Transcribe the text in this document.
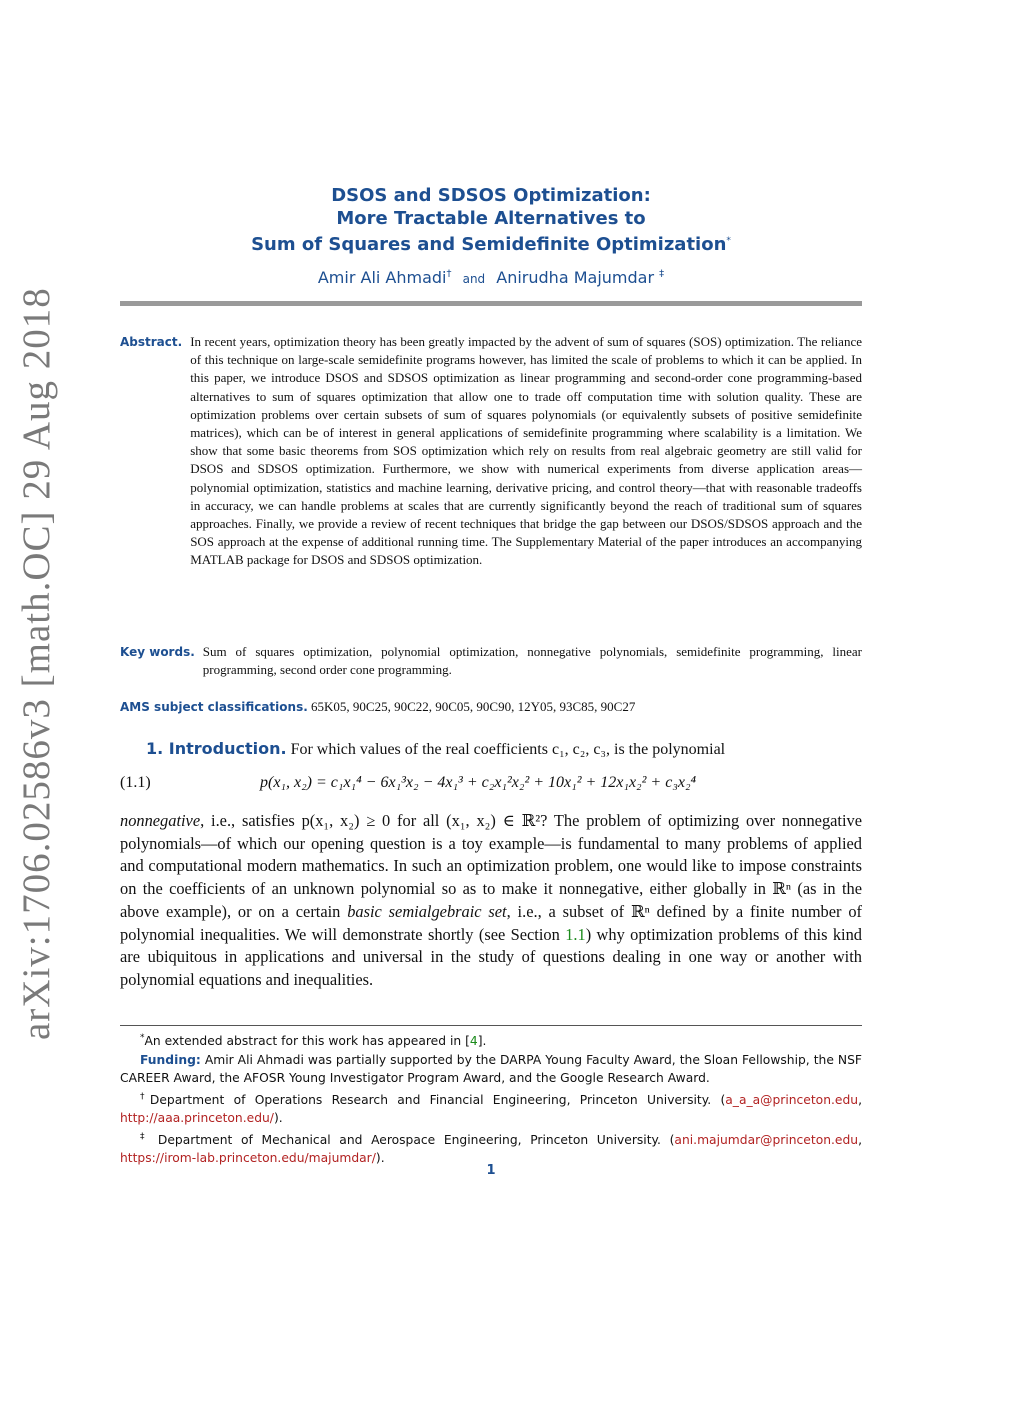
arXiv:1706.02586v3 [math.OC] 29 Aug 2018
DSOS and SDSOS Optimization:
More Tractable Alternatives to
Sum of Squares and Semidefinite Optimization*
Amir Ali Ahmadi† and Anirudha Majumdar ‡
Abstract. In recent years, optimization theory has been greatly impacted by the advent of sum of squares (SOS) optimization. The reliance of this technique on large-scale semidefinite programs however, has limited the scale of problems to which it can be applied. In this paper, we introduce DSOS and SDSOS optimization as linear programming and second-order cone programming-based alternatives to sum of squares optimization that allow one to trade off computation time with solution quality. These are optimization problems over certain subsets of sum of squares polynomials (or equivalently subsets of positive semidefinite matrices), which can be of interest in general applications of semidefinite programming where scalability is a limitation. We show that some basic theorems from SOS optimization which rely on results from real algebraic geometry are still valid for DSOS and SDSOS optimization. Furthermore, we show with numerical experiments from diverse application areas—polynomial optimization, statistics and machine learning, derivative pricing, and control theory—that with reasonable tradeoffs in accuracy, we can handle problems at scales that are currently significantly beyond the reach of traditional sum of squares approaches. Finally, we provide a review of recent techniques that bridge the gap between our DSOS/SDSOS approach and the SOS approach at the expense of additional running time. The Supplementary Material of the paper introduces an accompanying MATLAB package for DSOS and SDSOS optimization.
Key words. Sum of squares optimization, polynomial optimization, nonnegative polynomials, semidefinite programming, linear programming, second order cone programming.
AMS subject classifications. 65K05, 90C25, 90C22, 90C05, 90C90, 12Y05, 93C85, 90C27
1. Introduction. For which values of the real coefficients c₁, c₂, c₃, is the polynomial
(1.1)	p(x₁, x₂) = c₁x₁⁴ − 6x₁³x₂ − 4x₁³ + c₂x₁²x₂² + 10x₁² + 12x₁x₂² + c₃x₂⁴
nonnegative, i.e., satisfies p(x₁, x₂) ≥ 0 for all (x₁, x₂) ∈ ℝ²? The problem of optimizing over nonnegative polynomials—of which our opening question is a toy example—is fundamental to many problems of applied and computational modern mathematics. In such an optimization problem, one would like to impose constraints on the coefficients of an unknown polynomial so as to make it nonnegative, either globally in ℝⁿ (as in the above example), or on a certain basic semialgebraic set, i.e., a subset of ℝⁿ defined by a finite number of polynomial inequalities. We will demonstrate shortly (see Section 1.1) why optimization problems of this kind are ubiquitous in applications and universal in the study of questions dealing in one way or another with polynomial equations and inequalities.

*An extended abstract for this work has appeared in [4].

Funding: Amir Ali Ahmadi was partially supported by the DARPA Young Faculty Award, the Sloan Fellowship, the NSF CAREER Award, the AFOSR Young Investigator Program Award, and the Google Research Award.

†Department of Operations Research and Financial Engineering, Princeton University. (a_a_a@princeton.edu, http://aaa.princeton.edu/).

‡ Department of Mechanical and Aerospace Engineering, Princeton University. (ani.majumdar@princeton.edu, https://irom-lab.princeton.edu/majumdar/).

1
